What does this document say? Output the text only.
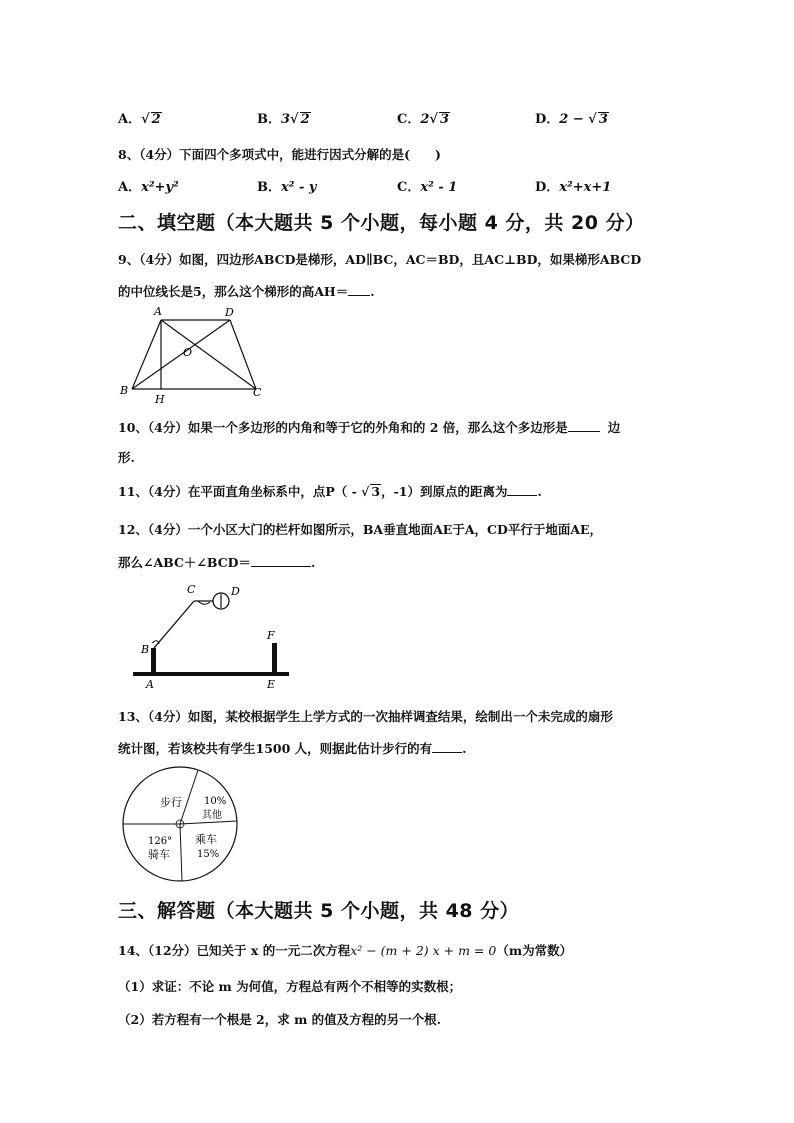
A．√ 2	B．3√ 2	C．2√ 3	D．2 − √ 3
8、（4分）下面四个多项式中，能进行因式分解的是(　　)
A．x²+y²	B．x² - y	C．x² - 1	D．x²+x+1
二、填空题（本大题共 5 个小题，每小题 4 分，共 20 分）
9、（4分）如图，四边形ABCD是梯形，AD∥BC，AC＝BD，且AC⊥BD，如果梯形ABCD
的中位线长是5，那么这个梯形的高AH＝ .
A	D
O
B
H
C
10、（4分）如果一个多边形的内角和等于它的外角和的 2 倍，那么这个多边形是	边
形.
11、（4分）在平面直角坐标系中，点P（ - √ 3，-1）到原点的距离为 .
12、（4分）一个小区大门的栏杆如图所示，BA垂直地面AE于A，CD平行于地面AE，
那么∠ABC＋∠BCD＝	.
C	D
B
F
A	E
13、（4分）如图，某校根据学生上学方式的一次抽样调查结果，绘制出一个未完成的扇形
统计图，若该校共有学生1500 人，则据此估计步行的有 .
步行 10%
其他
乘车
15%
126°
骑车
三、解答题（本大题共 5 个小题，共 48 分）
14、（12分）已知关于 x 的一元二次方程x² − (m + 2) x + m = 0（m为常数）
（1）求证：不论 m 为何值，方程总有两个不相等的实数根；
（2）若方程有一个根是 2，求 m 的值及方程的另一个根.
